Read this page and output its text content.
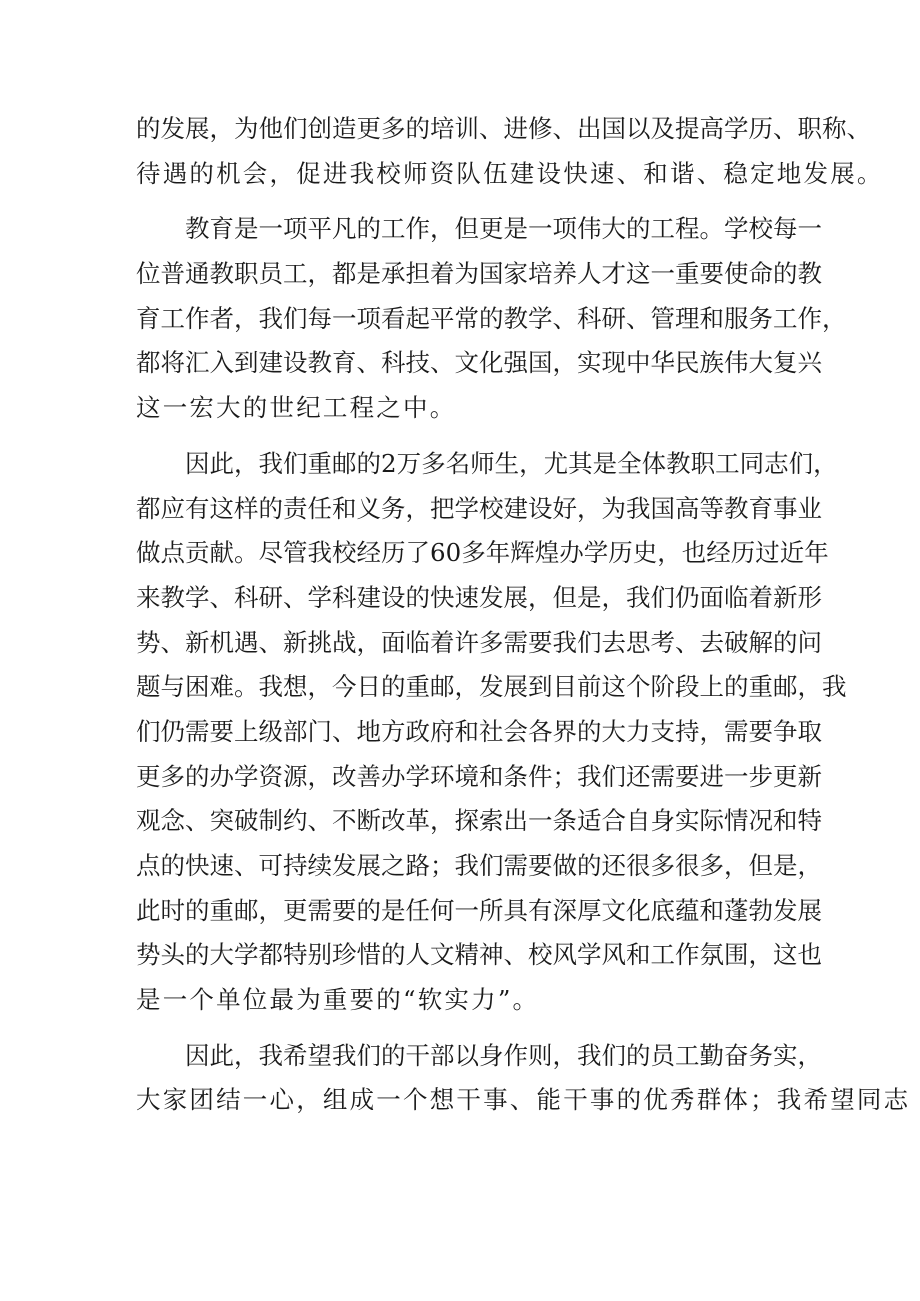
的 发 展 ， 为 他 们 创 造 更 多 的 培 训 、 进 修 、 出 国 以 及 提 高 学 历 、 职 称 、
待遇的机会，促进我校师资队伍建设快速、和谐、稳定地发展。
教 育 是 一 项 平 凡 的 工 作 ， 但 更 是 一 项 伟 大 的 工 程 。 学 校 每 一
位 普 通 教 职 员 工 ， 都 是 承 担 着 为 国 家 培 养 人 才 这 一 重 要 使 命 的 教
育 工 作 者 ， 我 们 每 一 项 看 起 平 常 的 教 学 、 科 研 、 管 理 和 服 务 工 作 ，
都 将 汇 入 到 建 设 教 育 、 科 技 、 文 化 强 国 ， 实 现 中 华 民 族 伟 大 复 兴
这一宏大的世纪工程之中。
因 此 ， 我 们 重 邮 的 2 万 多 名 师 生 ， 尤 其 是 全 体 教 职 工 同 志 们 ，
都 应 有 这 样 的 责 任 和 义 务 ， 把 学 校 建 设 好 ， 为 我 国 高 等 教 育 事 业
做 点 贡 献 。 尽 管 我 校 经 历 了 6 0 多 年 辉 煌 办 学 历 史 ， 也 经 历 过 近 年
来 教 学 、 科 研 、 学 科 建 设 的 快 速 发 展 ， 但 是 ， 我 们 仍 面 临 着 新 形
势 、 新 机 遇 、 新 挑 战 ， 面 临 着 许 多 需 要 我 们 去 思 考 、 去 破 解 的 问
题 与 困 难 。 我 想 ， 今 日 的 重 邮 ， 发 展 到 目 前 这 个 阶 段 上 的 重 邮 ， 我
们 仍 需 要 上 级 部 门 、 地 方 政 府 和 社 会 各 界 的 大 力 支 持 ， 需 要 争 取
更 多 的 办 学 资 源 ， 改 善 办 学 环 境 和 条 件 ； 我 们 还 需 要 进 一 步 更 新
观 念 、 突 破 制 约 、 不 断 改 革 ， 探 索 出 一 条 适 合 自 身 实 际 情 况 和 特
点 的 快 速 、 可 持 续 发 展 之 路 ； 我 们 需 要 做 的 还 很 多 很 多 ， 但 是 ，
此 时 的 重 邮 ， 更 需 要 的 是 任 何 一 所 具 有 深 厚 文 化 底 蕴 和 蓬 勃 发 展
势 头 的 大 学 都 特 别 珍 惜 的 人 文 精 神 、 校 风 学 风 和 工 作 氛 围 ， 这 也
是一个单位最为重要的“软实力”。
因 此 ， 我 希 望 我 们 的 干 部 以 身 作 则 ， 我 们 的 员 工 勤 奋 务 实 ，
大家团结一心，组成一个想干事、能干事的优秀群体；我希望同志
